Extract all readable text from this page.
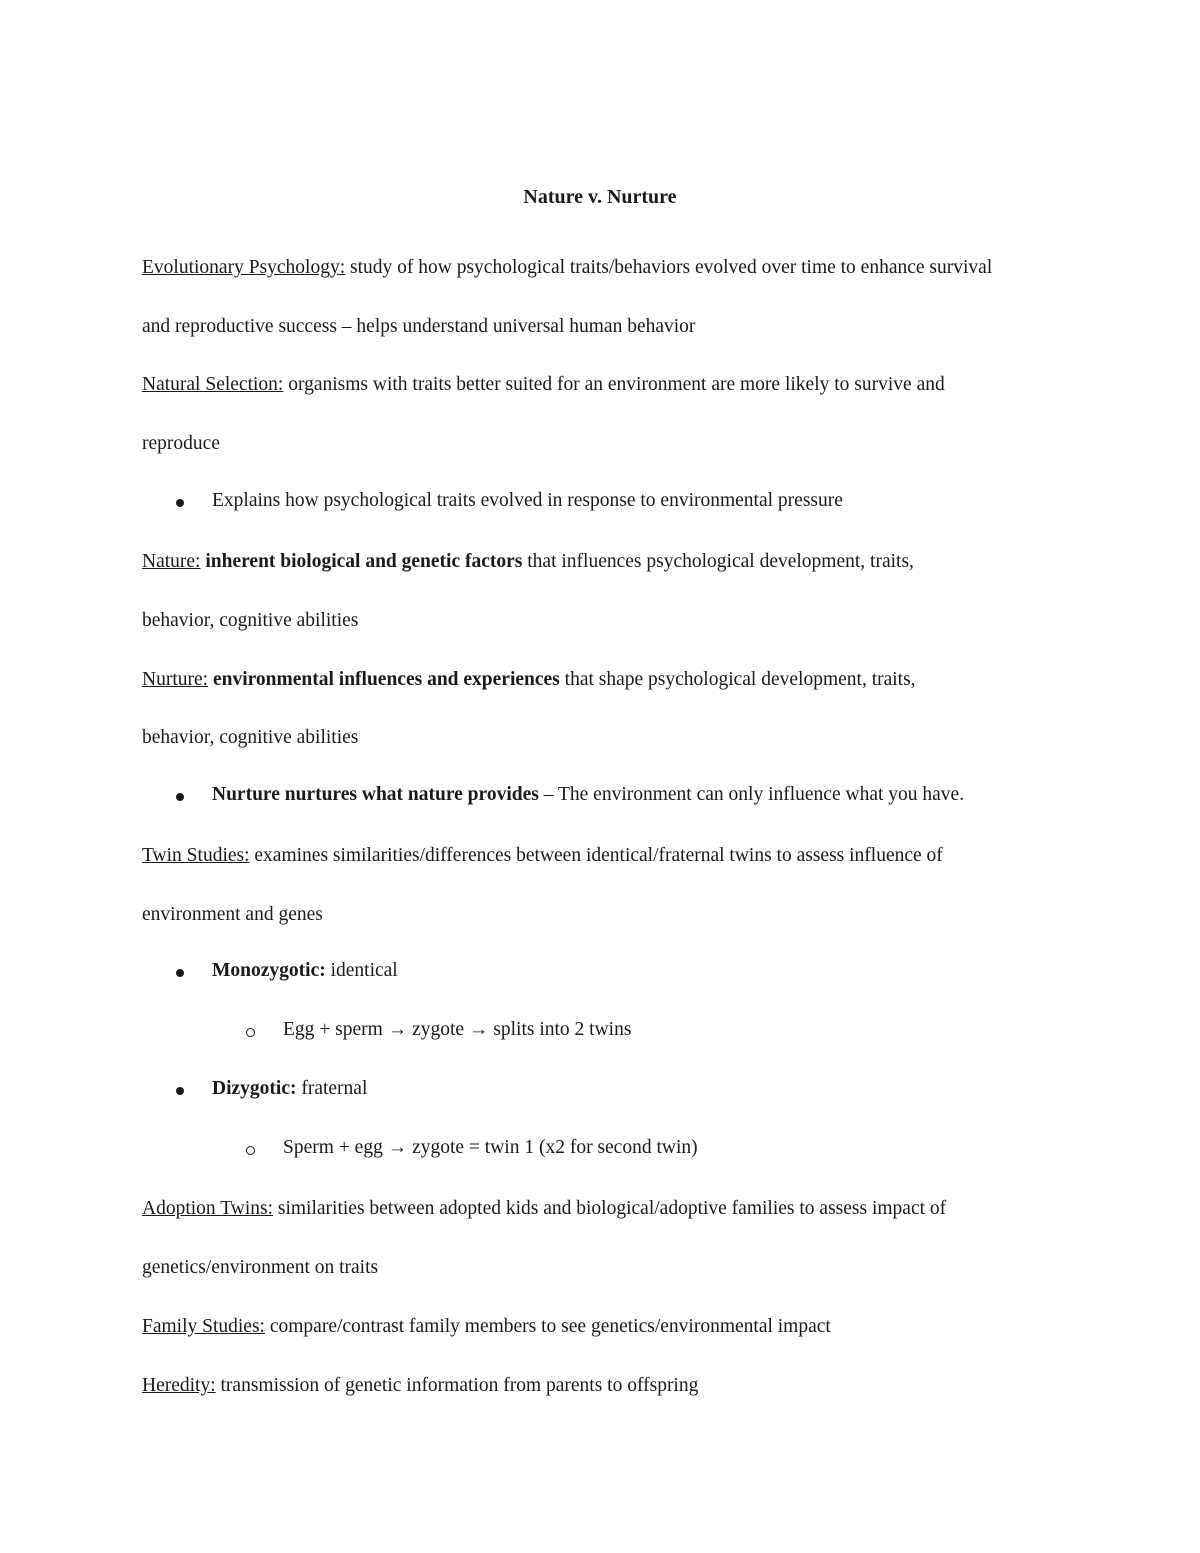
Nature v. Nurture
Evolutionary Psychology: study of how psychological traits/behaviors evolved over time to enhance survival
and reproductive success – helps understand universal human behavior
Natural Selection: organisms with traits better suited for an environment are more likely to survive and
reproduce
Explains how psychological traits evolved in response to environmental pressure
Nature: inherent biological and genetic factors that influences psychological development, traits,
behavior, cognitive abilities
Nurture: environmental influences and experiences that shape psychological development, traits,
behavior, cognitive abilities
Nurture nurtures what nature provides – The environment can only influence what you have.
Twin Studies: examines similarities/differences between identical/fraternal twins to assess influence of
environment and genes
Monozygotic: identical
Egg + sperm → zygote → splits into 2 twins
Dizygotic: fraternal
Sperm + egg → zygote = twin 1 (x2 for second twin)
Adoption Twins: similarities between adopted kids and biological/adoptive families to assess impact of
genetics/environment on traits
Family Studies: compare/contrast family members to see genetics/environmental impact
Heredity: transmission of genetic information from parents to offspring
